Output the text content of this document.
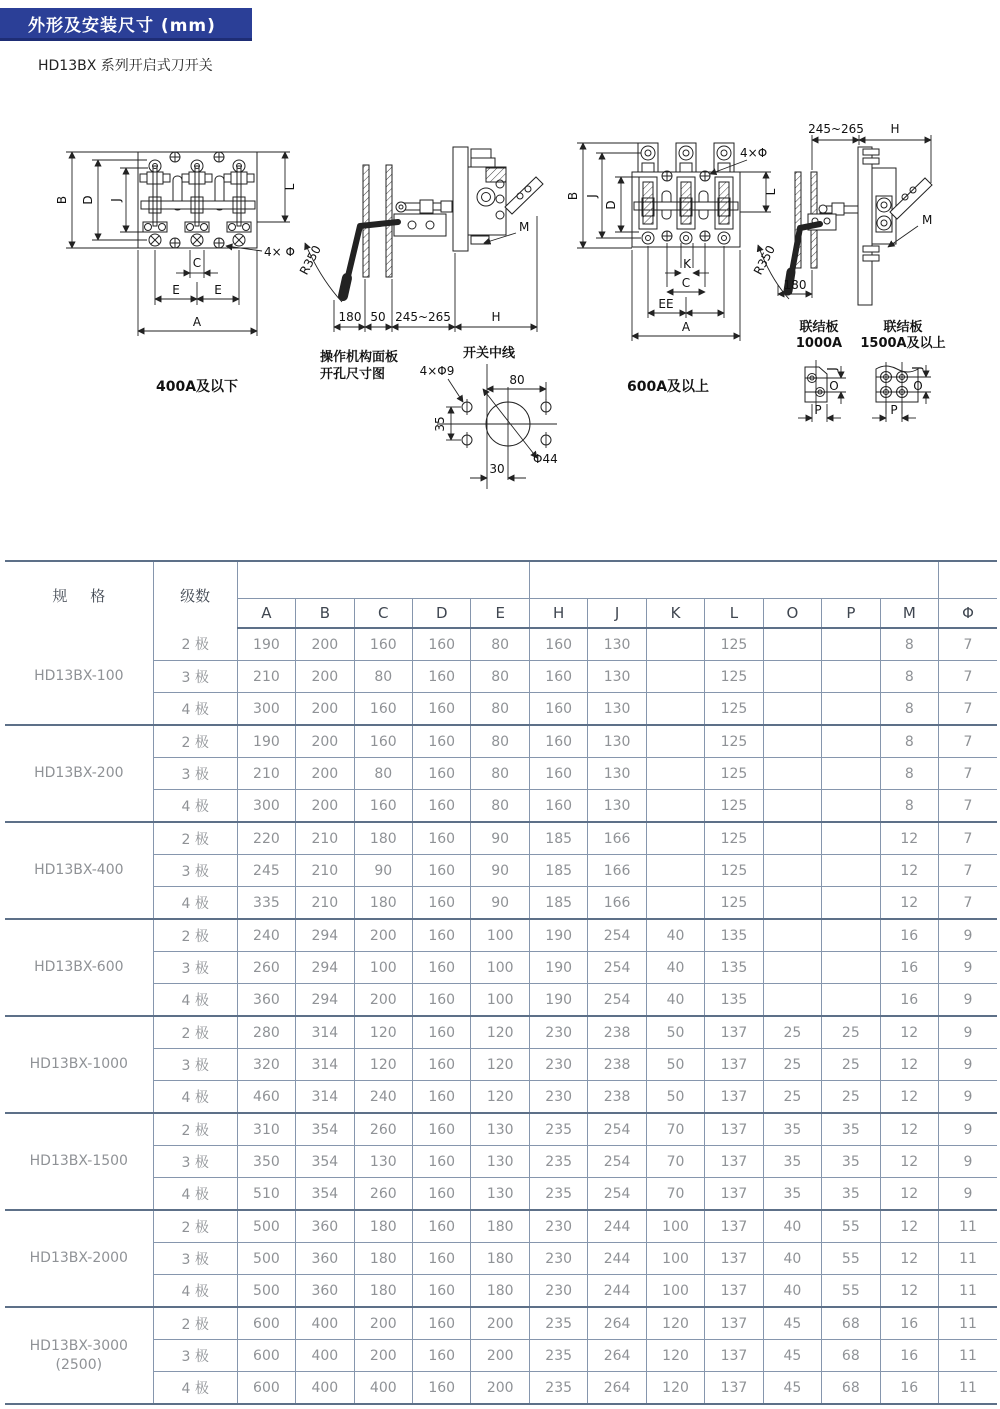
外形及安装尺寸 (mm)
HD13BX 系列开启式刀开关
B D J
L
C
E	E
A
4× Φ
400A及以下
R350
180 50 245~265	H
M
操作机构面板
开孔尺寸图
开关中线
4×Φ9
80
35
30
Φ44
B J
D
L
4×Φ
K
C
EE
A
600A及以上
245~265 H
M
R350
180
联结板
1000A
J
O
P
联结板
1500A及以上
J
O
P
规 格	级数													
		A	B	C	D	E	H	J	K	L	O	P	M	Φ

HD13BX-100	2 极	190	200	160	160	80	160	130		125			8	7
	3 极	210	200	80	160	80	160	130		125			8	7
	4 极	300	200	160	160	80	160	130		125			8	7

HD13BX-200	2 极	190	200	160	160	80	160	130		125			8	7
	3 极	210	200	80	160	80	160	130		125			8	7
	4 极	300	200	160	160	80	160	130		125			8	7

HD13BX-400	2 极	220	210	180	160	90	185	166		125			12	7
	3 极	245	210	90	160	90	185	166		125			12	7
	4 极	335	210	180	160	90	185	166		125			12	7

HD13BX-600	2 极	240	294	200	160	100	190	254	40	135			16	9
	3 极	260	294	100	160	100	190	254	40	135			16	9
	4 极	360	294	200	160	100	190	254	40	135			16	9

HD13BX-1000	2 极	280	314	120	160	120	230	238	50	137	25	25	12	9
	3 极	320	314	120	160	120	230	238	50	137	25	25	12	9
	4 极	460	314	240	160	120	230	238	50	137	25	25	12	9

HD13BX-1500	2 极	310	354	260	160	130	235	254	70	137	35	35	12	9
	3 极	350	354	130	160	130	235	254	70	137	35	35	12	9
	4 极	510	354	260	160	130	235	254	70	137	35	35	12	9

HD13BX-2000	2 极	500	360	180	160	180	230	244	100	137	40	55	12	11
	3 极	500	360	180	160	180	230	244	100	137	40	55	12	11
	4 极	500	360	180	160	180	230	244	100	137	40	55	12	11

HD13BX-3000
(2500)	2 极	600	400	200	160	200	235	264	120	137	45	68	16	11
	3 极	600	400	200	160	200	235	264	120	137	45	68	16	11
	4 极	600	400	400	160	200	235	264	120	137	45	68	16	11
